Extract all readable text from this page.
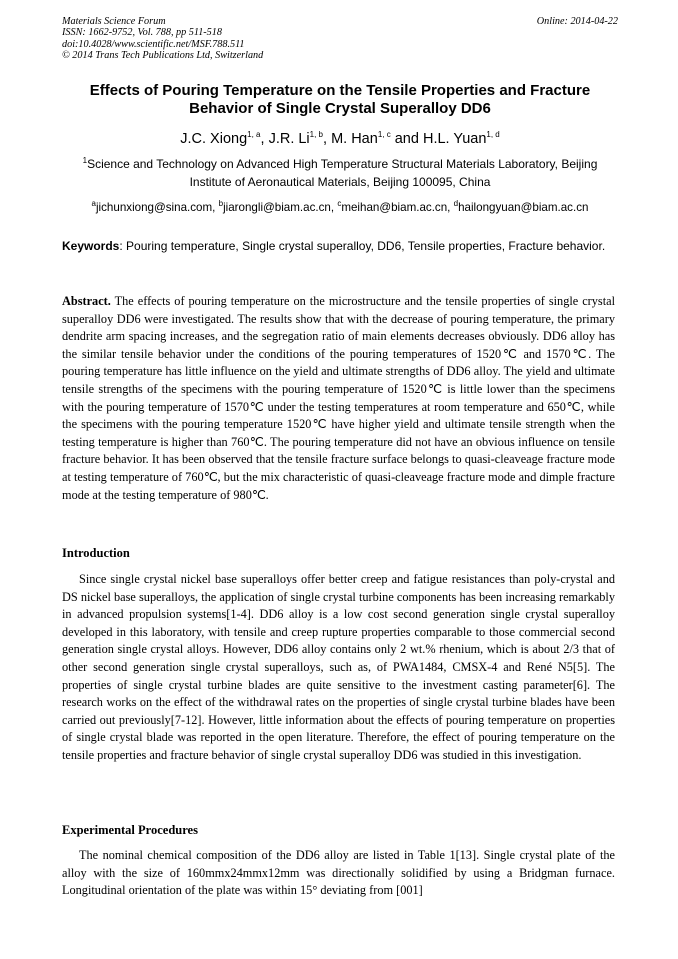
Materials Science Forum
ISSN: 1662-9752, Vol. 788, pp 511-518
doi:10.4028/www.scientific.net/MSF.788.511
© 2014 Trans Tech Publications Ltd, Switzerland
Online: 2014-04-22
Effects of Pouring Temperature on the Tensile Properties and Fracture Behavior of Single Crystal Superalloy DD6
J.C. Xiong$^{1, a}$, J.R. Li$^{1, b}$, M. Han$^{1, c}$ and H.L. Yuan$^{1, d}$
$^1$Science and Technology on Advanced High Temperature Structural Materials Laboratory, Beijing Institute of Aeronautical Materials, Beijing 100095, China
$^a$jichunxiong@sina.com, $^b$jiarongli@biam.ac.cn, $^c$meihan@biam.ac.cn, $^d$hailongyuan@biam.ac.cn
Keywords: Pouring temperature, Single crystal superalloy, DD6, Tensile properties, Fracture behavior.
Abstract. The effects of pouring temperature on the microstructure and the tensile properties of single crystal superalloy DD6 were investigated. The results show that with the decrease of pouring temperature, the primary dendrite arm spacing increases, and the segregation ratio of main elements decreases obviously. DD6 alloy has the similar tensile behavior under the conditions of the pouring temperatures of 1520℃ and 1570℃. The pouring temperature has little influence on the yield and ultimate strengths of DD6 alloy. The yield and ultimate tensile strengths of the specimens with the pouring temperature of 1520℃ is little lower than the specimens with the pouring temperature of 1570℃ under the testing temperatures at room temperature and 650℃, while the specimens with the pouring temperature 1520℃ have higher yield and ultimate tensile strength when the testing temperature is higher than 760℃. The pouring temperature did not have an obvious influence on tensile fracture behavior. It has been observed that the tensile fracture surface belongs to quasi-cleaveage fracture mode at testing temperature of 760℃, but the mix characteristic of quasi-cleaveage fracture mode and dimple fracture mode at the testing temperature of 980℃.
Introduction
Since single crystal nickel base superalloys offer better creep and fatigue resistances than poly-crystal and DS nickel base superalloys, the application of single crystal turbine components has been increasing remarkably in advanced propulsion systems[1-4]. DD6 alloy is a low cost second generation single crystal superalloy developed in this laboratory, with tensile and creep rupture properties comparable to those commercial second generation single crystal alloys. However, DD6 alloy contains only 2 wt.% rhenium, which is about 2/3 that of other second generation single crystal superalloys, such as, of PWA1484, CMSX-4 and René N5[5]. The properties of single crystal turbine blades are quite sensitive to the investment casting parameter[6]. The research works on the effect of the withdrawal rates on the properties of single crystal turbine blades have been carried out previously[7-12]. However, little information about the effects of pouring temperature on properties of single crystal blade was reported in the open literature. Therefore, the effect of pouring temperature on the tensile properties and fracture behavior of single crystal superalloy DD6 was studied in this investigation.
Experimental Procedures
The nominal chemical composition of the DD6 alloy are listed in Table 1[13]. Single crystal plate of the alloy with the size of 160mmx24mmx12mm was directionally solidified by using a Bridgman furnace. Longitudinal orientation of the plate was within 15° deviating from [001]
